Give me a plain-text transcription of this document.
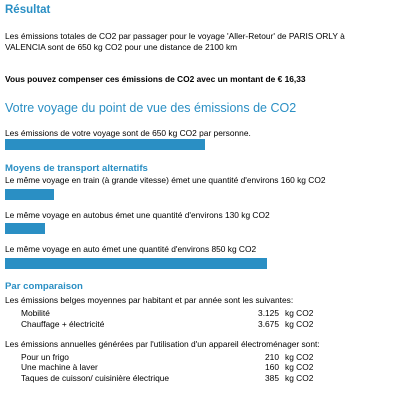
Résultat
Les émissions totales de CO2 par passager pour le voyage 'Aller-Retour' de PARIS ORLY à
VALENCIA sont de 650 kg CO2 pour une distance de 2100 km
Vous pouvez compenser ces émissions de CO2 avec un montant de € 16,33
Votre voyage du point de vue des émissions de CO2
Les émissions de votre voyage sont de 650 kg CO2 par personne.
Moyens de transport alternatifs
Le même voyage en train (à grande vitesse) émet une quantité d'environs 160 kg CO2
Le même voyage en autobus émet une quantité d'environs 130 kg CO2
Le même voyage en auto émet une quantité d'environs 850 kg CO2
Par comparaison
Les émissions belges moyennes par habitant et par année sont les suivantes:
Mobilité	3.125 kg CO2
Chauffage + électricité	3.675 kg CO2
Les émissions annuelles générées par l'utilisation d'un appareil électroménager sont:
Pour un frigo	210 kg CO2
Une machine à laver	160 kg CO2
Taques de cuisson/ cuisinière électrique	385 kg CO2
